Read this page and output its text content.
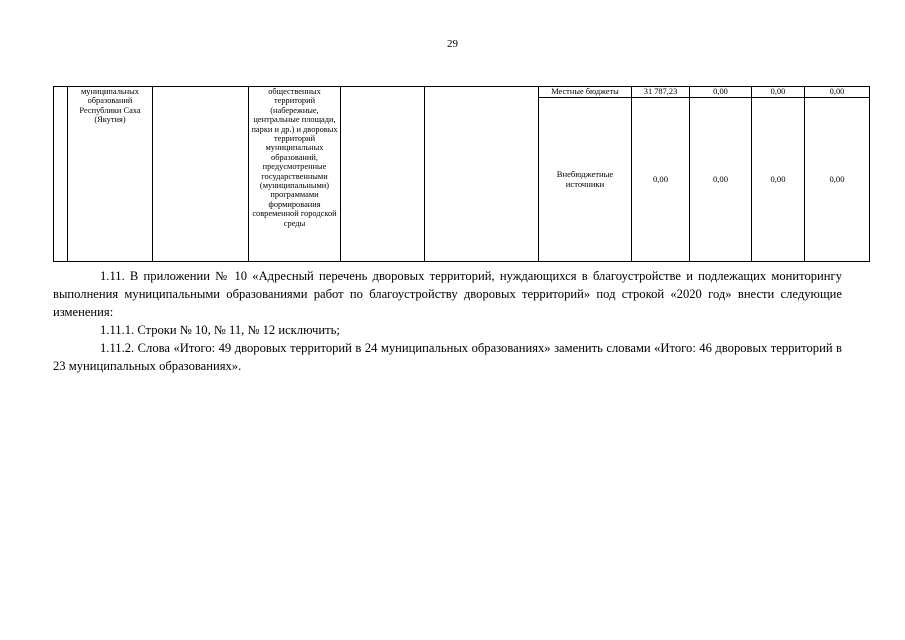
29
	муниципальных образований Республики Саха (Якутия)		общественных территорий (набережные, центральные площади, парки и др.) и дворовых территорий муниципальных образований, предусмотренные государственными (муниципальными) программами формирования современной городской среды			Местные бюджеты	31 787,23	0,00	0,00	0,00
						Внебюджетные источники	0,00	0,00	0,00	0,00

1.11. В приложении № 10 «Адресный перечень дворовых территорий, нуждающихся в благоустройстве и подлежащих мониторингу выполнения муниципальными образованиями работ по благоустройству дворовых территорий» под строкой «2020 год» внести следующие изменения:

1.11.1. Строки № 10, № 11, № 12 исключить;

1.11.2. Слова «Итого: 49 дворовых территорий в 24 муниципальных образованиях» заменить словами «Итого: 46 дворовых территорий в 23 муниципальных образованиях».
